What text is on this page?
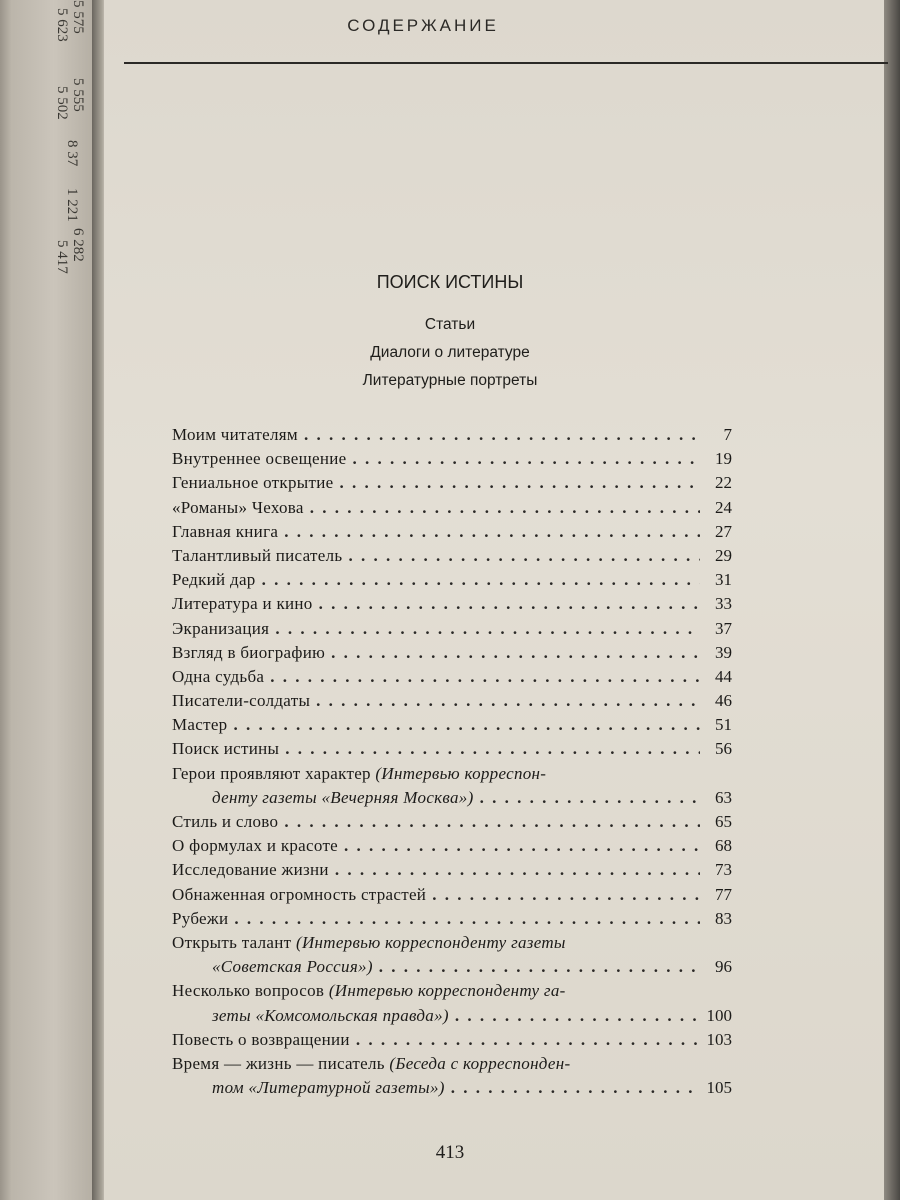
5 575
5 623
5 555
5 502
8 37
1 221
6 282
5 417
СОДЕРЖАНИЕ
ПОИСК ИСТИНЫ
Статьи
Диалоги о литературе
Литературные портреты
Моим читателям . . .	7
Внутреннее освещение . . .	19
Гениальное открытие . . .	22
«Романы» Чехова . . .	24
Главная книга . . .	27
Талантливый писатель . . .	29
Редкий дар . . .	31
Литература и кино . . .	33
Экранизация . . .	37
Взгляд в биографию . . .	39
Одна судьба . . .	44
Писатели-солдаты . . .	46
Мастер . . .	51
Поиск истины . . .	56
Герои проявляют характер (Интервью корреспон-
денту газеты «Вечерняя Москва») . . .	63
Стиль и слово . . .	65
О формулах и красоте . . .	68
Исследование жизни . . .	73
Обнаженная огромность страстей . . .	77
Рубежи . . .	83
Открыть талант (Интервью корреспонденту газеты
«Советская Россия») . . .	96
Несколько вопросов (Интервью корреспонденту га-
зеты «Комсомольская правда») . . .	100
Повесть о возвращении . . .	103
Время — жизнь — писатель (Беседа с корреспонден-
том «Литературной газеты») . . .	105
413
